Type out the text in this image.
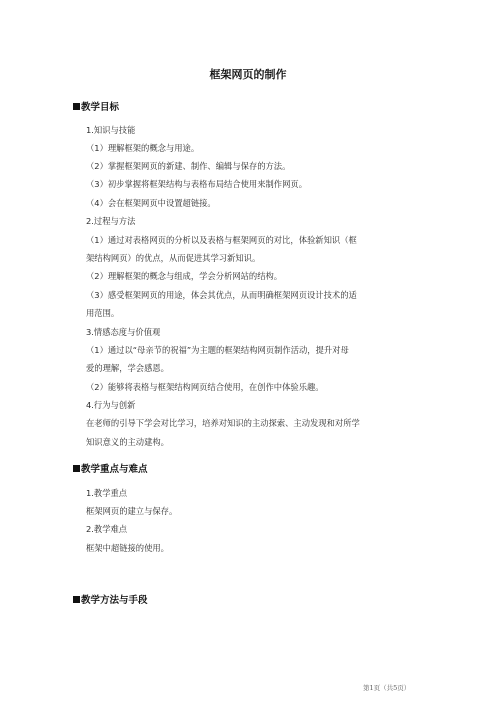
框架网页的制作
教学目标
1.知识与技能
（1）理解框架的概念与用途。
（2）掌握框架网页的新建、制作、编辑与保存的方法。
（3）初步掌握将框架结构与表格布局结合使用来制作网页。
（4）会在框架网页中设置超链接。
2.过程与方法
（1）通过对表格网页的分析以及表格与框架网页的对比，体验新知识（框
架结构网页）的优点，从而促进其学习新知识。
（2）理解框架的概念与组成，学会分析网站的结构。
（3）感受框架网页的用途，体会其优点，从而明确框架网页设计技术的适
用范围。
3.情感态度与价值观
（1）通过以“母亲节的祝福”为主题的框架结构网页制作活动，提升对母
爱的理解，学会感恩。
（2）能够将表格与框架结构网页结合使用，在创作中体验乐趣。
4.行为与创新
在老师的引导下学会对比学习，培养对知识的主动探索、主动发现和对所学
知识意义的主动建构。
教学重点与难点
1.教学重点
框架网页的建立与保存。
2.教学难点
框架中超链接的使用。
教学方法与手段
第1页（共5页）
